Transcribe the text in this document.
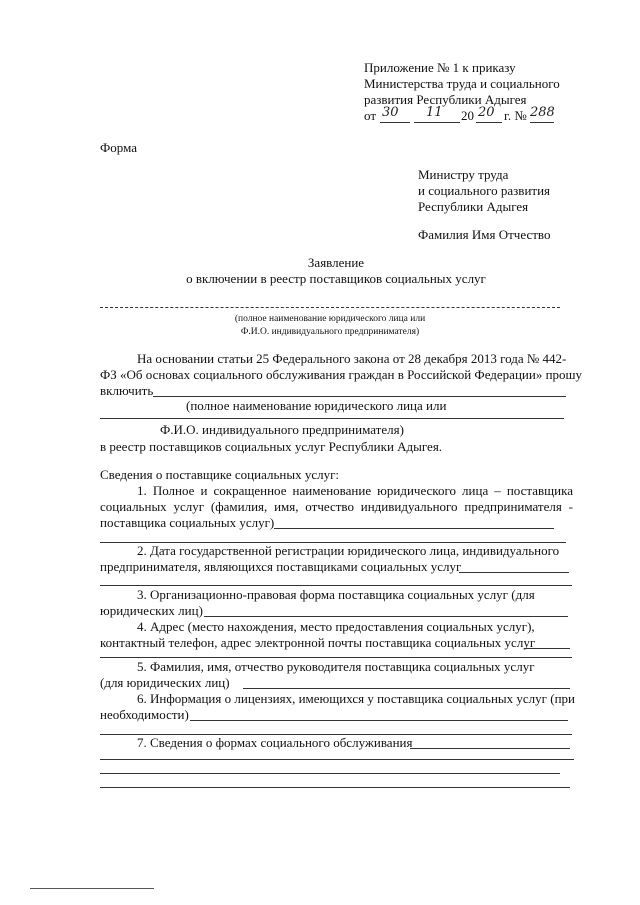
Приложение № 1 к приказу
Министерства труда и социального
развития Республики Адыгея
от 30 11 20 20 г. № 288
Форма
Министру труда
и социального развития
Республики Адыгея
Фамилия Имя Отчество
Заявление
о включении в реестр поставщиков социальных услуг
(полное наименование юридического лица или
Ф.И.О. индивидуального предпринимателя)
На основании статьи 25 Федерального закона от 28 декабря 2013 года № 442-
ФЗ «Об основах социального обслуживания граждан в Российской Федерации» прошу
включить
(полное наименование юридического лица или
Ф.И.О. индивидуального предпринимателя)
в реестр поставщиков социальных услуг Республики Адыгея.
Сведения о поставщике социальных услуг:
1. Полное и сокращенное наименование юридического лица – поставщика
социальных услуг (фамилия, имя, отчество индивидуального предпринимателя -
поставщика социальных услуг)
2. Дата государственной регистрации юридического лица, индивидуального
предпринимателя, являющихся поставщиками социальных услуг
3. Организационно-правовая форма поставщика социальных услуг (для
юридических лиц)
4. Адрес (место нахождения, место предоставления социальных услуг),
контактный телефон, адрес электронной почты поставщика социальных услуг
5. Фамилия, имя, отчество руководителя поставщика социальных услуг
(для юридических лиц)
6. Информация о лицензиях, имеющихся у поставщика социальных услуг (при
необходимости)
7. Сведения о формах социального обслуживания
